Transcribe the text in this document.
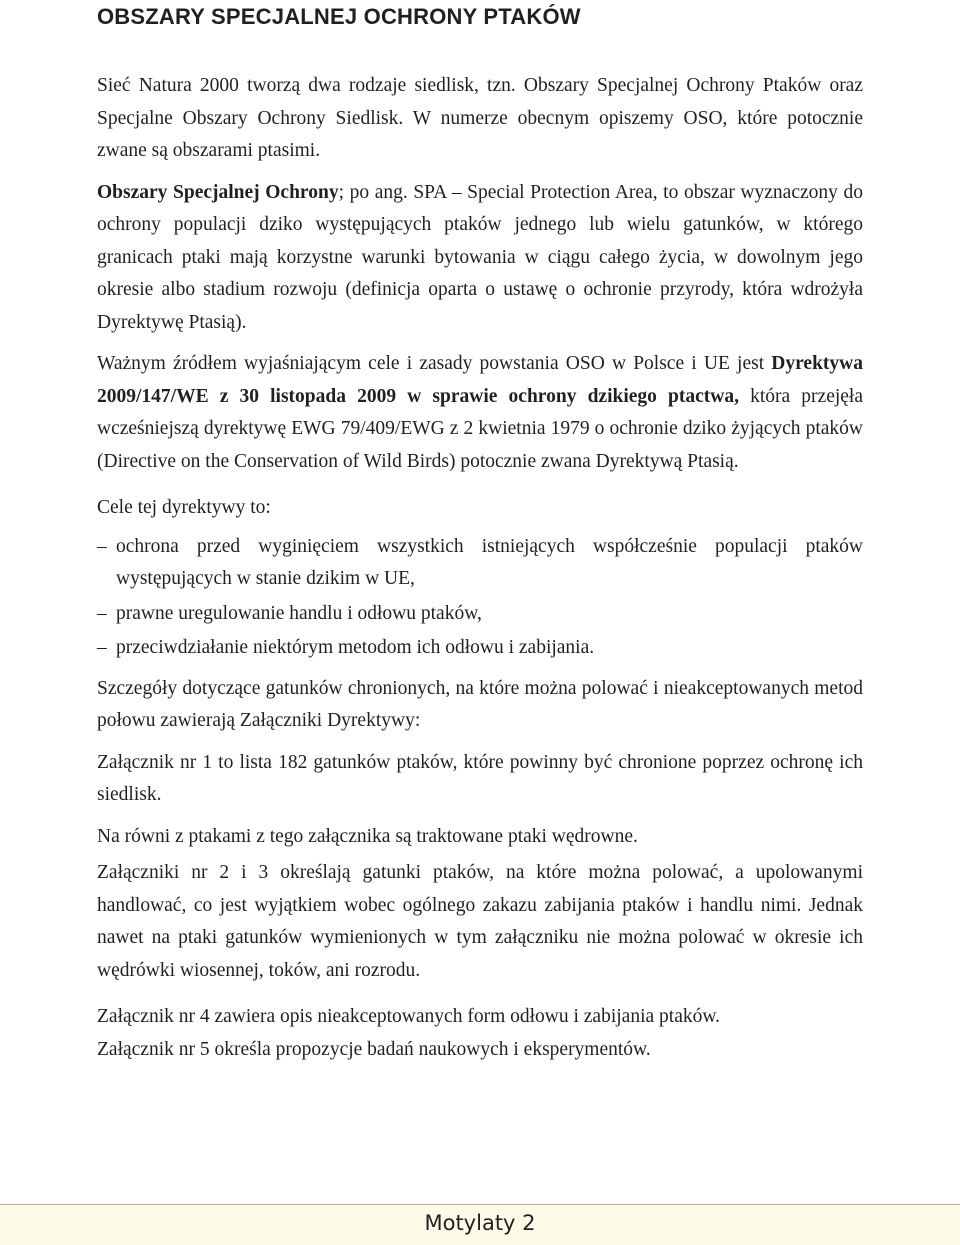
OBSZARY SPECJALNEJ OCHRONY PTAKÓW

Sieć Natura 2000 tworzą dwa rodzaje siedlisk, tzn. Obszary Specjalnej Ochrony Ptaków oraz Specjalne Obszary Ochrony Siedlisk. W numerze obecnym opiszemy OSO, które potocznie zwane są obszarami ptasimi.

Obszary Specjalnej Ochrony; po ang. SPA – Special Protection Area, to obszar wyznaczony do ochrony populacji dziko występujących ptaków jednego lub wielu gatunków, w którego granicach ptaki mają korzystne warunki bytowania w ciągu całego życia, w dowolnym jego okresie albo stadium rozwoju (definicja oparta o ustawę o ochronie przyrody, która wdrożyła Dyrektywę Ptasią).

Ważnym źródłem wyjaśniającym cele i zasady powstania OSO w Polsce i UE jest Dyrektywa 2009/147/WE z 30 listopada 2009 w sprawie ochrony dzikiego ptactwa, która przejęła wcześniejszą dyrektywę EWG 79/409/EWG z 2 kwietnia 1979 o ochronie dziko żyjących ptaków (Directive on the Conservation of Wild Birds) potocznie zwana Dyrektywą Ptasią.

Cele tej dyrektywy to:

– ochrona przed wyginięciem wszystkich istniejących współcześnie populacji ptaków występujących w stanie dzikim w UE,
– prawne uregulowanie handlu i odłowu ptaków,
– przeciwdziałanie niektórym metodom ich odłowu i zabijania.

Szczegóły dotyczące gatunków chronionych, na które można polować i nieakceptowanych metod połowu zawierają Załączniki Dyrektywy:

Załącznik nr 1 to lista 182 gatunków ptaków, które powinny być chronione poprzez ochronę ich siedlisk.

Na równi z ptakami z tego załącznika są traktowane ptaki wędrowne.

Załączniki nr 2 i 3 określają gatunki ptaków, na które można polować, a upolowanymi handlować, co jest wyjątkiem wobec ogólnego zakazu zabijania ptaków i handlu nimi. Jednak nawet na ptaki gatunków wymienionych w tym załączniku nie można polować w okresie ich wędrówki wiosennej, toków, ani rozrodu.

Załącznik nr 4 zawiera opis nieakceptowanych form odłowu i zabijania ptaków.

Załącznik nr 5 określa propozycje badań naukowych i eksperymentów.

Motylaty 2
